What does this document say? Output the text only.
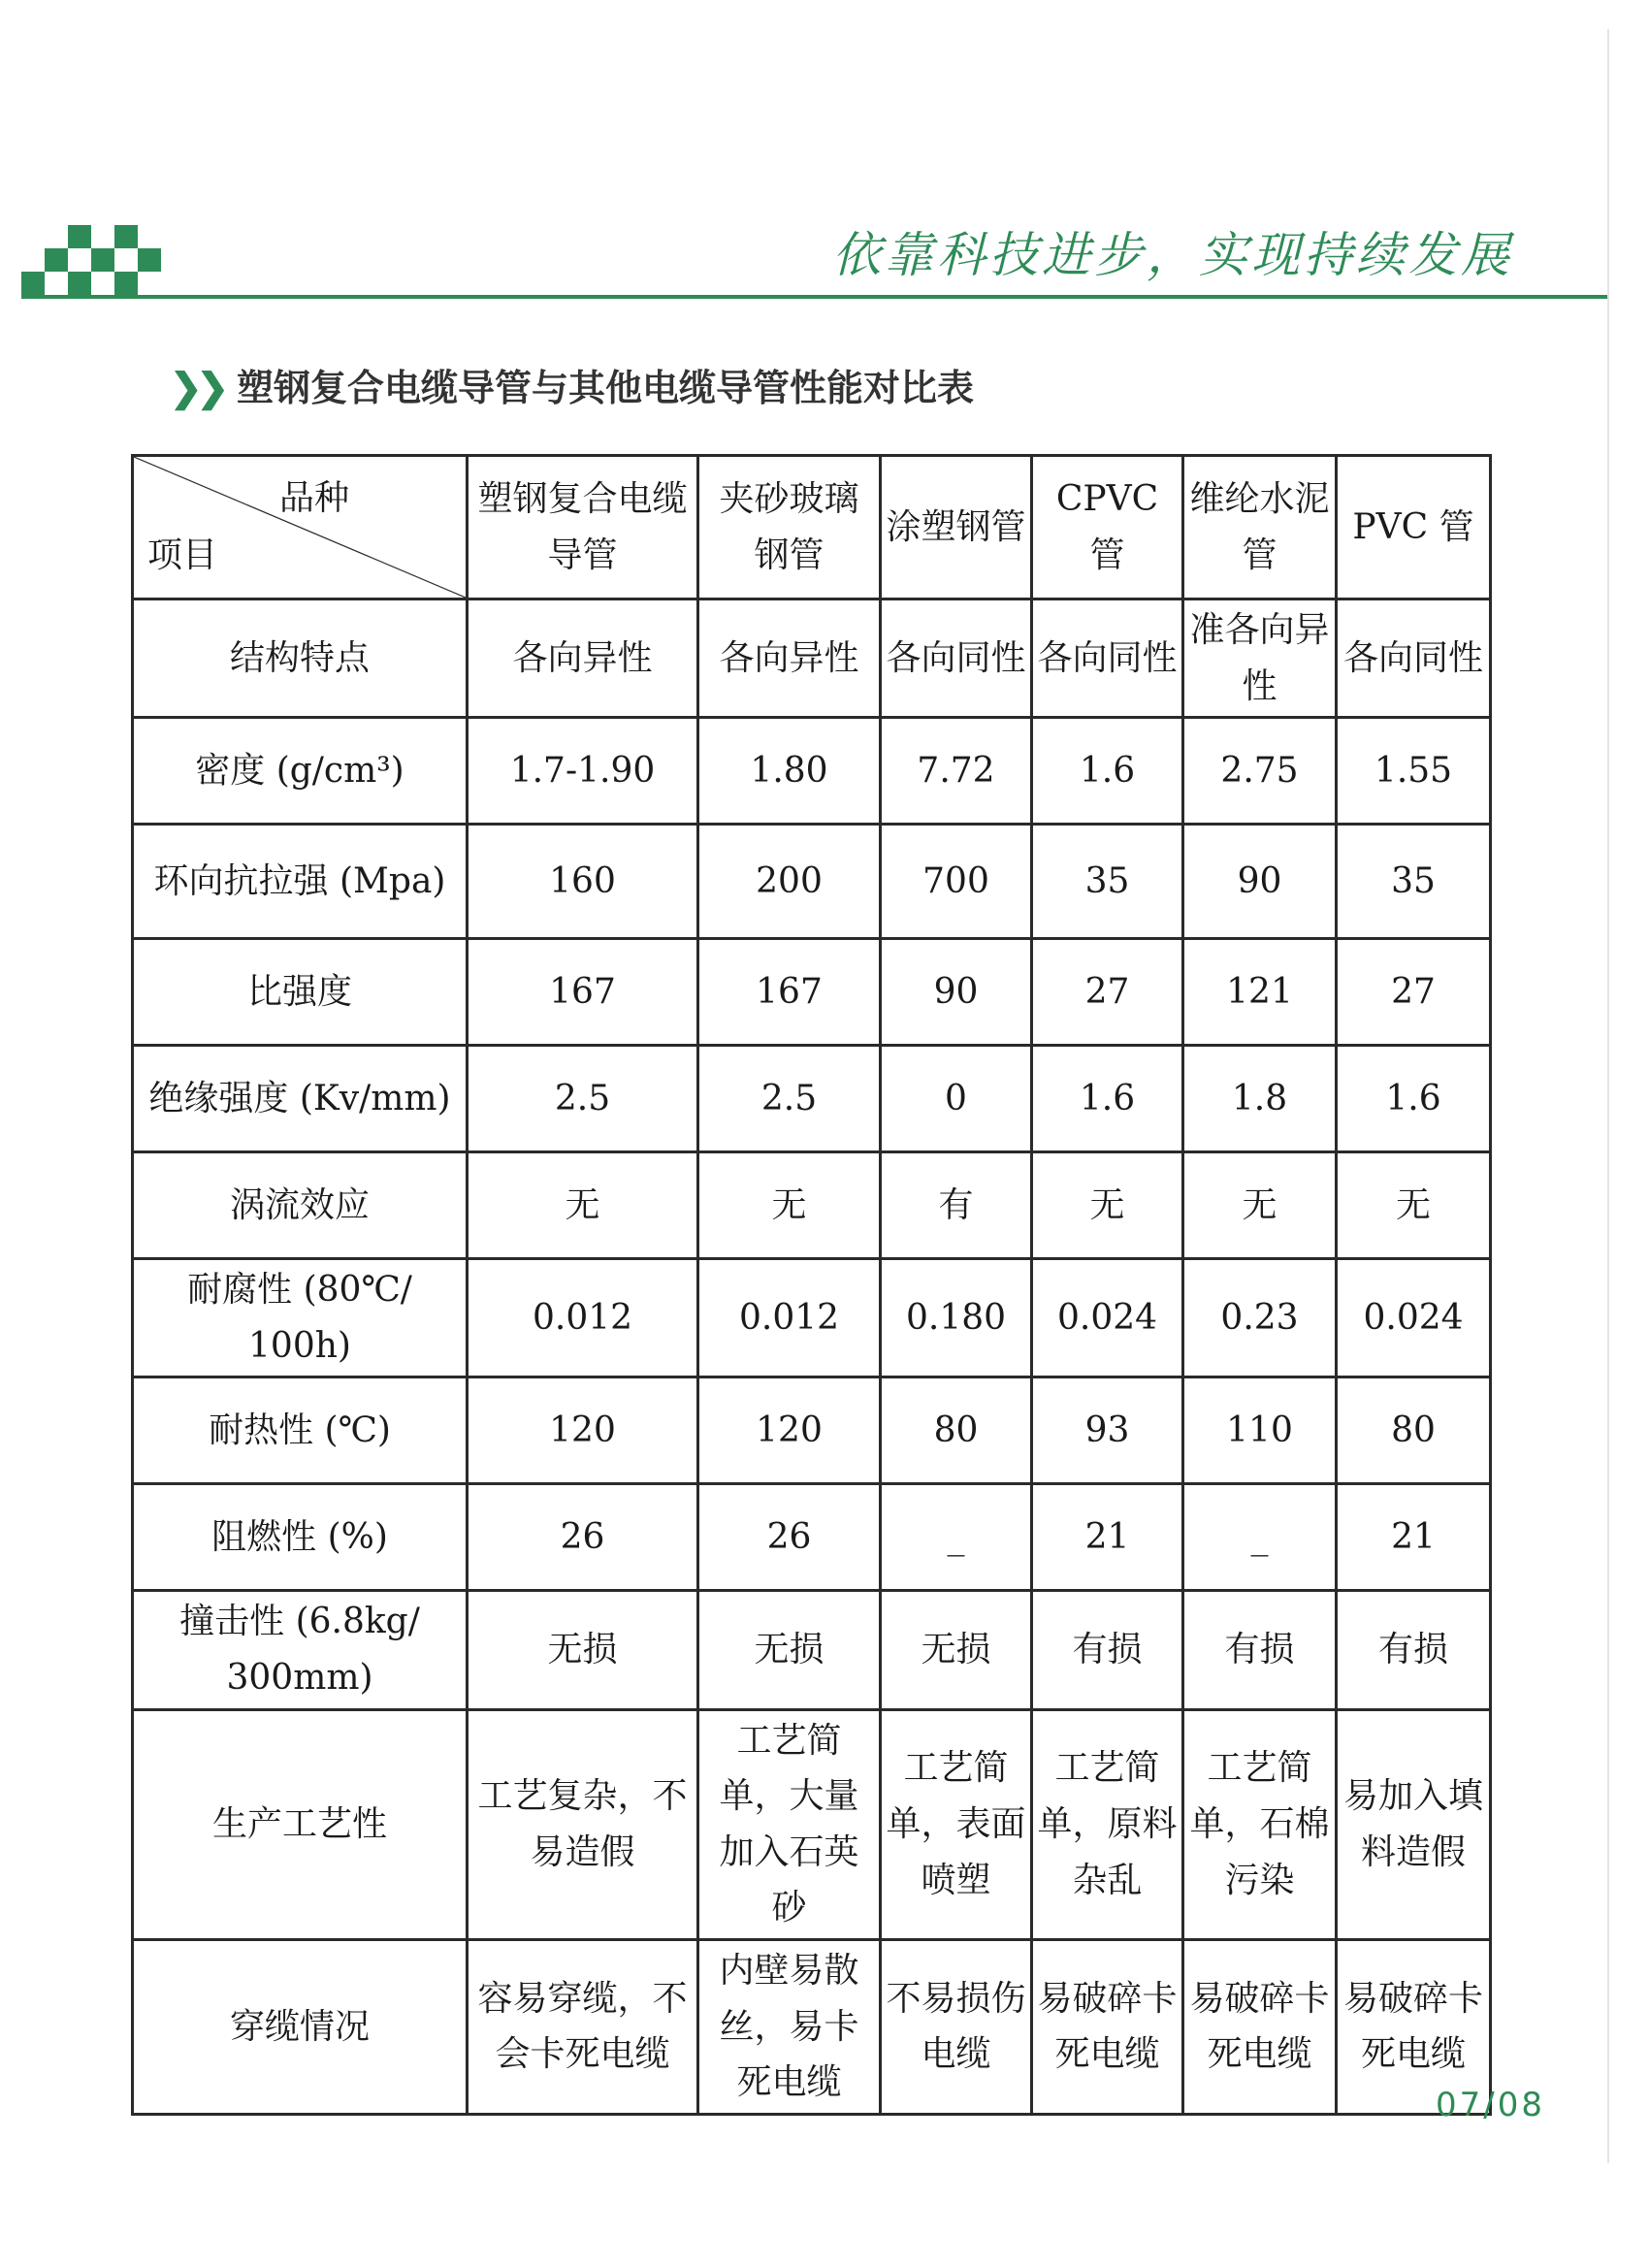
依靠科技进步，实现持续发展
❯❯ 塑钢复合电缆导管与其他电缆导管性能对比表
品种
项目	塑钢复合电缆导管	夹砂玻璃钢管	涂塑钢管	CPVC 管	维纶水泥管	PVC 管
结构特点	各向异性	各向异性	各向同性	各向同性	准各向异性	各向同性
密度 (g/cm³)	1.7-1.90	1.80	7.72	1.6	2.75	1.55
环向抗拉强 (Mpa)	160	200	700	35	90	35
比强度	167	167	90	27	121	27
绝缘强度 (Kv/mm)	2.5	2.5	0	1.6	1.8	1.6
涡流效应	无	无	有	无	无	无
耐腐性 (80℃/ 100h)	0.012	0.012	0.180	0.024	0.23	0.024
耐热性 (℃)	120	120	80	93	110	80
阻燃性 (%)	26	26	_	21	_	21
撞击性 (6.8kg/ 300mm)	无损	无损	无损	有损	有损	有损
生产工艺性	工艺复杂，不易造假	工艺简单，大量加入石英砂	工艺简单，表面喷塑	工艺简单，原料杂乱	工艺简单，石棉污染	易加入填料造假
穿缆情况	容易穿缆，不会卡死电缆	内壁易散丝，易卡死电缆	不易损伤电缆	易破碎卡死电缆	易破碎卡死电缆	易破碎卡死电缆
07/08
